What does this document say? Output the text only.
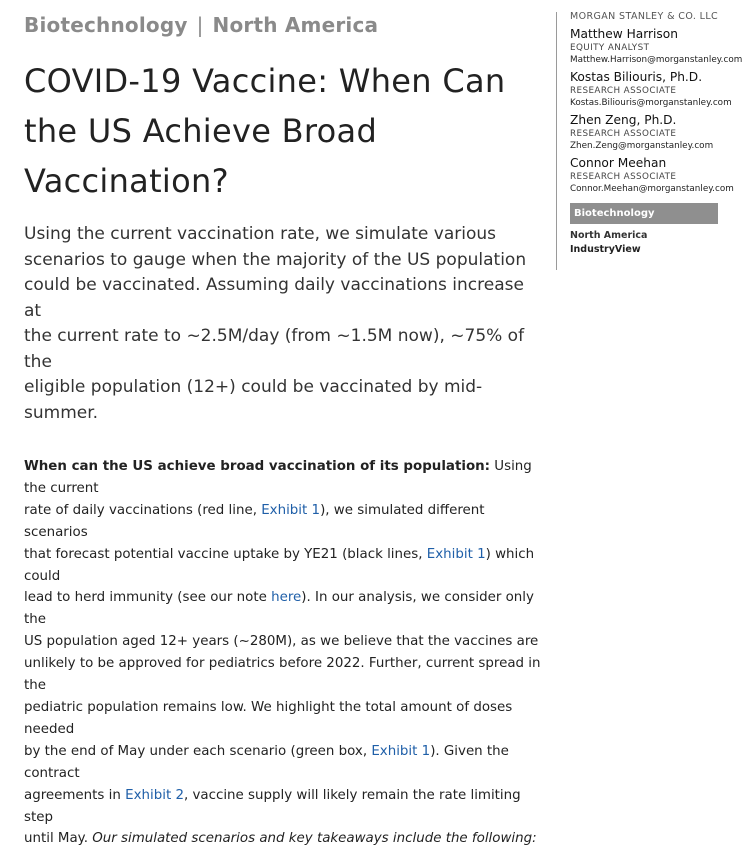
Biotechnology | North America
COVID-19 Vaccine: When Can
the US Achieve Broad
Vaccination?
Using the current vaccination rate, we simulate various
scenarios to gauge when the majority of the US population
could be vaccinated. Assuming daily vaccinations increase at
the current rate to ~2.5M/day (from ~1.5M now), ~75% of the
eligible population (12+) could be vaccinated by mid-summer.
When can the US achieve broad vaccination of its population: Using the current
rate of daily vaccinations (red line, Exhibit 1), we simulated different scenarios
that forecast potential vaccine uptake by YE21 (black lines, Exhibit 1) which could
lead to herd immunity (see our note here). In our analysis, we consider only the
US population aged 12+ years (~280M), as we believe that the vaccines are
unlikely to be approved for pediatrics before 2022. Further, current spread in the
pediatric population remains low. We highlight the total amount of doses needed
by the end of May under each scenario (green box, Exhibit 1). Given the contract
agreements in Exhibit 2, vaccine supply will likely remain the rate limiting step
until May. Our simulated scenarios and key takeaways include the following:
MORGAN STANLEY & CO. LLC
Matthew Harrison
EQUITY ANALYST
Matthew.Harrison@morganstanley.com
Kostas Biliouris, Ph.D.
RESEARCH ASSOCIATE
Kostas.Biliouris@morganstanley.com
Zhen Zeng, Ph.D.
RESEARCH ASSOCIATE
Zhen.Zeng@morganstanley.com
Connor Meehan
RESEARCH ASSOCIATE
Connor.Meehan@morganstanley.com
Biotechnology
North America
IndustryView
